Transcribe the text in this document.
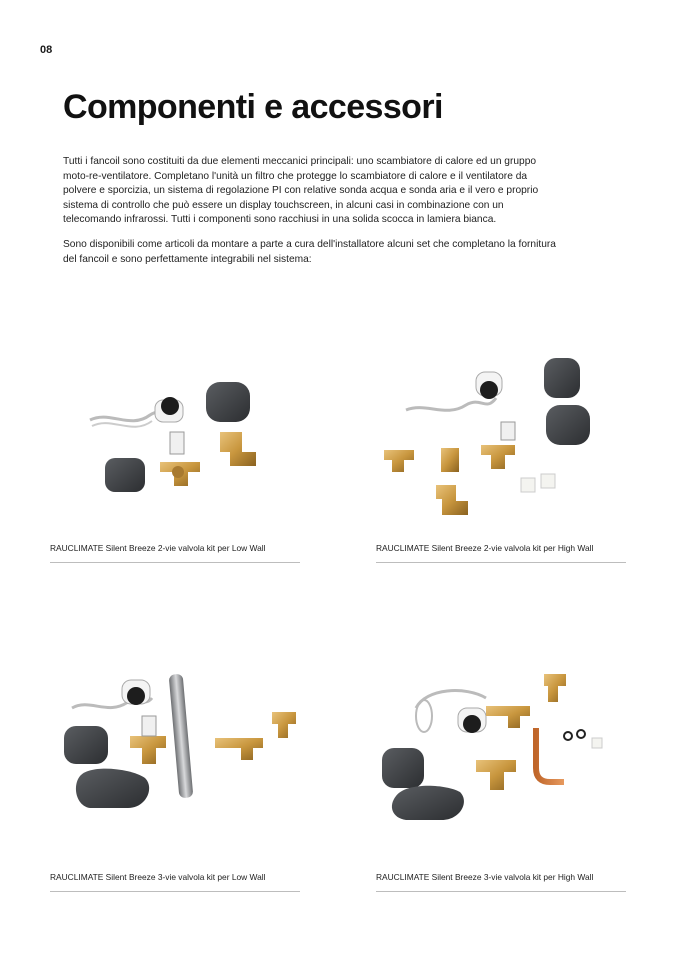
08
Componenti e accessori

Tutti i fancoil sono costituiti da due elementi meccanici principali: uno scambiatore di calore ed un gruppo moto-re-ventilatore. Completano l'unità un filtro che protegge lo scambiatore di calore e il ventilatore da polvere e sporcizia, un sistema di regolazione PI con relative sonda acqua e sonda aria e il vero e proprio sistema di controllo che può essere un display touchscreen, in alcuni casi in combinazione con un telecomando infrarossi. Tutti i componenti sono racchiusi in una solida scocca in lamiera bianca.

Sono disponibili come articoli da montare a parte a cura dell'installatore alcuni set che completano la fornitura del fancoil e sono perfettamente integrabili nel sistema:

RAUCLIMATE Silent Breeze 2-vie valvola kit per Low Wall	RAUCLIMATE Silent Breeze 2-vie valvola kit per High Wall
RAUCLIMATE Silent Breeze 3-vie valvola kit per Low Wall	RAUCLIMATE Silent Breeze 3-vie valvola kit per High Wall
